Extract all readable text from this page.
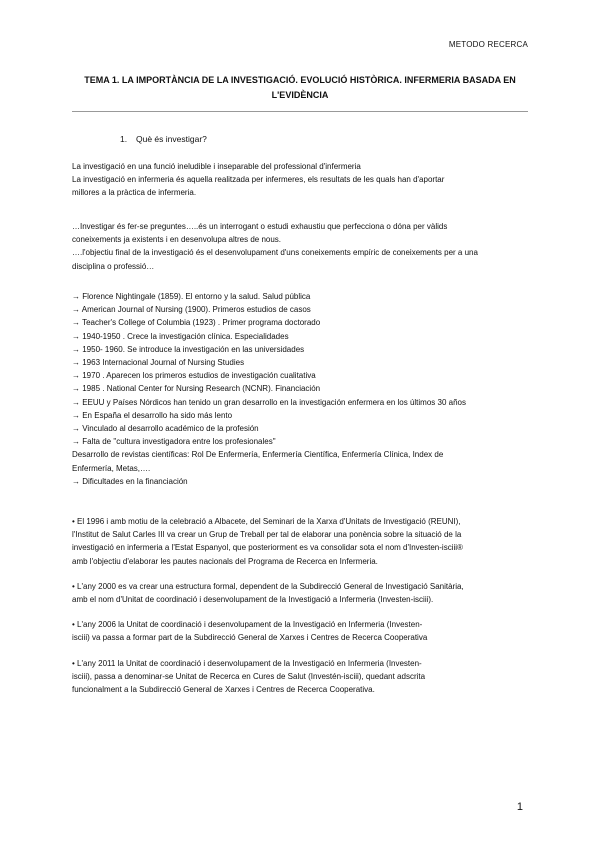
METODO RECERCA
TEMA 1. LA IMPORTÀNCIA DE LA INVESTIGACIÓ. EVOLUCIÓ HISTÒRICA. INFERMERIA BASADA EN
L'EVIDÈNCIA
1. Què és investigar?
La investigació en una funció ineludible i inseparable del professional d'infermeria
La investigació en infermeria és aquella realitzada per infermeres, els resultats de les quals han d'aportar
millores a la pràctica de infermeria.
…Investigar és fer-se preguntes…..és un interrogant o estudi exhaustiu que perfecciona o dóna per vàlids
coneixements ja existents i en desenvolupa altres de nous.
….l'objectiu final de la investigació és el desenvolupament d'uns coneixements empíric de coneixements per a una
disciplina o professió…
→ Florence Nightingale (1859). El entorno y la salud. Salud pública
→ American Journal of Nursing (1900). Primeros estudios de casos
→ Teacher's College of Columbia (1923) . Primer programa doctorado
→ 1940-1950 . Crece la investigación clínica. Especialidades
→ 1950- 1960. Se introduce la investigación en las universidades
→ 1963 Internacional Journal of Nursing Studies
→ 1970 . Aparecen los primeros estudios de investigación cualitativa
→ 1985 . National Center for Nursing Research (NCNR). Financiación
→ EEUU y Países Nórdicos han tenido un gran desarrollo en la investigación enfermera en los últimos 30 años
→ En España el desarrollo ha sido más lento
→ Vinculado al desarrollo académico de la profesión
→ Falta de "cultura investigadora entre los profesionales"
Desarrollo de revistas científicas: Rol De Enfermería, Enfermería Científica, Enfermería Clínica, Index de
Enfermería, Metas,….
→ Dificultades en la financiación
• El 1996 i amb motiu de la celebració a Albacete, del Seminari de la Xarxa d'Unitats de Investigació (REUNI),
l'Institut de Salut Carles III va crear un Grup de Treball per tal de elaborar una ponència sobre la situació de la
investigació en infermeria a l'Estat Espanyol, que posteriorment es va consolidar sota el nom d'Investen-isciii®
amb l'objectiu d'elaborar les pautes nacionals del Programa de Recerca en Infermeria.
• L'any 2000 es va crear una estructura formal, dependent de la Subdirecció General de Investigació Sanitària,
amb el nom d'Unitat de coordinació i desenvolupament de la Investigació a Infermeria (Investen-isciii).
• L'any 2006 la Unitat de coordinació i desenvolupament de la Investigació en Infermeria (Investen-
isciii) va passa a formar part de la Subdirecció General de Xarxes i Centres de Recerca Cooperativa
• L'any 2011 la Unitat de coordinació i desenvolupament de la Investigació en Infermeria (Investen-
isciii), passa a denominar-se Unitat de Recerca en Cures de Salut (Investén-isciii), quedant adscrita
funcionalment a la Subdirecció General de Xarxes i Centres de Recerca Cooperativa.
1
